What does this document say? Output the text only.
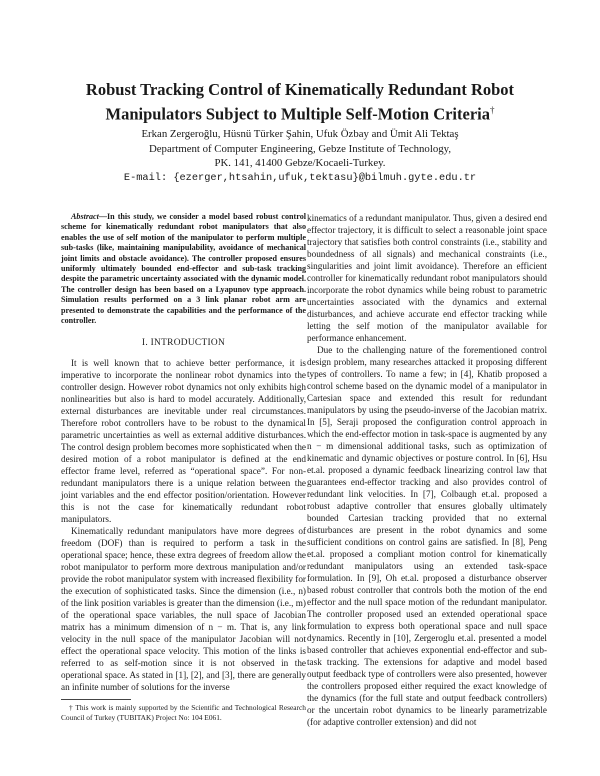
Robust Tracking Control of Kinematically Redundant Robot Manipulators Subject to Multiple Self-Motion Criteria†
Erkan Zergeroğlu, Hüsnü Türker Şahin, Ufuk Özbay and Ümit Ali Tektaş
Department of Computer Engineering, Gebze Institute of Technology,
PK. 141, 41400 Gebze/Kocaeli-Turkey.
E-mail: {ezerger,htsahin,ufuk,tektasu}@bilmuh.gyte.edu.tr

Abstract—In this study, we consider a model based robust control scheme for kinematically redundant robot manipulators that also enables the use of self motion of the manipulator to perform multiple sub-tasks (like, maintaining manipulability, avoidance of mechanical joint limits and obstacle avoidance). The controller proposed ensures uniformly ultimately bounded end-effector and sub-task tracking despite the parametric uncertainty associated with the dynamic model. The controller design has been based on a Lyapunov type approach. Simulation results performed on a 3 link planar robot arm are presented to demonstrate the capabilities and the performance of the controller.

I. INTRODUCTION

It is well known that to achieve better performance, it is imperative to incorporate the nonlinear robot dynamics into the controller design. However robot dynamics not only exhibits high nonlinearities but also is hard to model accurately. Additionally, external disturbances are inevitable under real circumstances. Therefore robot controllers have to be robust to the dynamical parametric uncertainties as well as external additive disturbances. The control design problem becomes more sophisticated when the desired motion of a robot manipulator is defined at the end effector frame level, referred as “operational space”. For non-redundant manipulators there is a unique relation between the joint variables and the end effector position/orientation. However this is not the case for kinematically redundant robot manipulators.

Kinematically redundant manipulators have more degrees of freedom (DOF) than is required to perform a task in the operational space; hence, these extra degrees of freedom allow the robot manipulator to perform more dextrous manipulation and/or provide the robot manipulator system with increased flexibility for the execution of sophisticated tasks. Since the dimension (i.e., n) of the link position variables is greater than the dimension (i.e., m) of the operational space variables, the null space of Jacobian matrix has a minimum dimension of n − m. That is, any link velocity in the null space of the manipulator Jacobian will not effect the operational space velocity. This motion of the links is referred to as self-motion since it is not observed in the operational space. As stated in [1], [2], and [3], there are generally an infinite number of solutions for the inverse

† This work is mainly supported by the Scientific and Technological Research Council of Turkey (TUBITAK) Project No: 104 E061.

kinematics of a redundant manipulator. Thus, given a desired end effector trajectory, it is difficult to select a reasonable joint space trajectory that satisfies both control constraints (i.e., stability and boundedness of all signals) and mechanical constraints (i.e., singularities and joint limit avoidance). Therefore an efficient controller for kinematically redundant robot manipulators should incorporate the robot dynamics while being robust to parametric uncertainties associated with the dynamics and external disturbances, and achieve accurate end effector tracking while letting the self motion of the manipulator available for performance enhancement.

Due to the challenging nature of the forementioned control design problem, many researches attacked it proposing different types of controllers. To name a few; in [4], Khatib proposed a control scheme based on the dynamic model of a manipulator in Cartesian space and extended this result for redundant manipulators by using the pseudo-inverse of the Jacobian matrix. In [5], Seraji proposed the configuration control approach in which the end-effector motion in task-space is augmented by any n − m dimensional additional tasks, such as optimization of kinematic and dynamic objectives or posture control. In [6], Hsu et.al. proposed a dynamic feedback linearizing control law that guarantees end-effector tracking and also provides control of redundant link velocities. In [7], Colbaugh et.al. proposed a robust adaptive controller that ensures globally ultimately bounded Cartesian tracking provided that no external disturbances are present in the robot dynamics and some sufficient conditions on control gains are satisfied. In [8], Peng et.al. proposed a compliant motion control for kinematically redundant manipulators using an extended task-space formulation. In [9], Oh et.al. proposed a disturbance observer based robust controller that controls both the motion of the end effector and the null space motion of the redundant manipulator. The controller proposed used an extended operational space formulation to express both operational space and null space dynamics. Recently in [10], Zergeroglu et.al. presented a model based controller that achieves exponential end-effector and sub-task tracking. The extensions for adaptive and model based output feedback type of controllers were also presented, however the controllers proposed either required the exact knowledge of the dynamics (for the full state and output feedback controllers) or the uncertain robot dynamics to be linearly parametrizable (for adaptive controller extension) and did not
